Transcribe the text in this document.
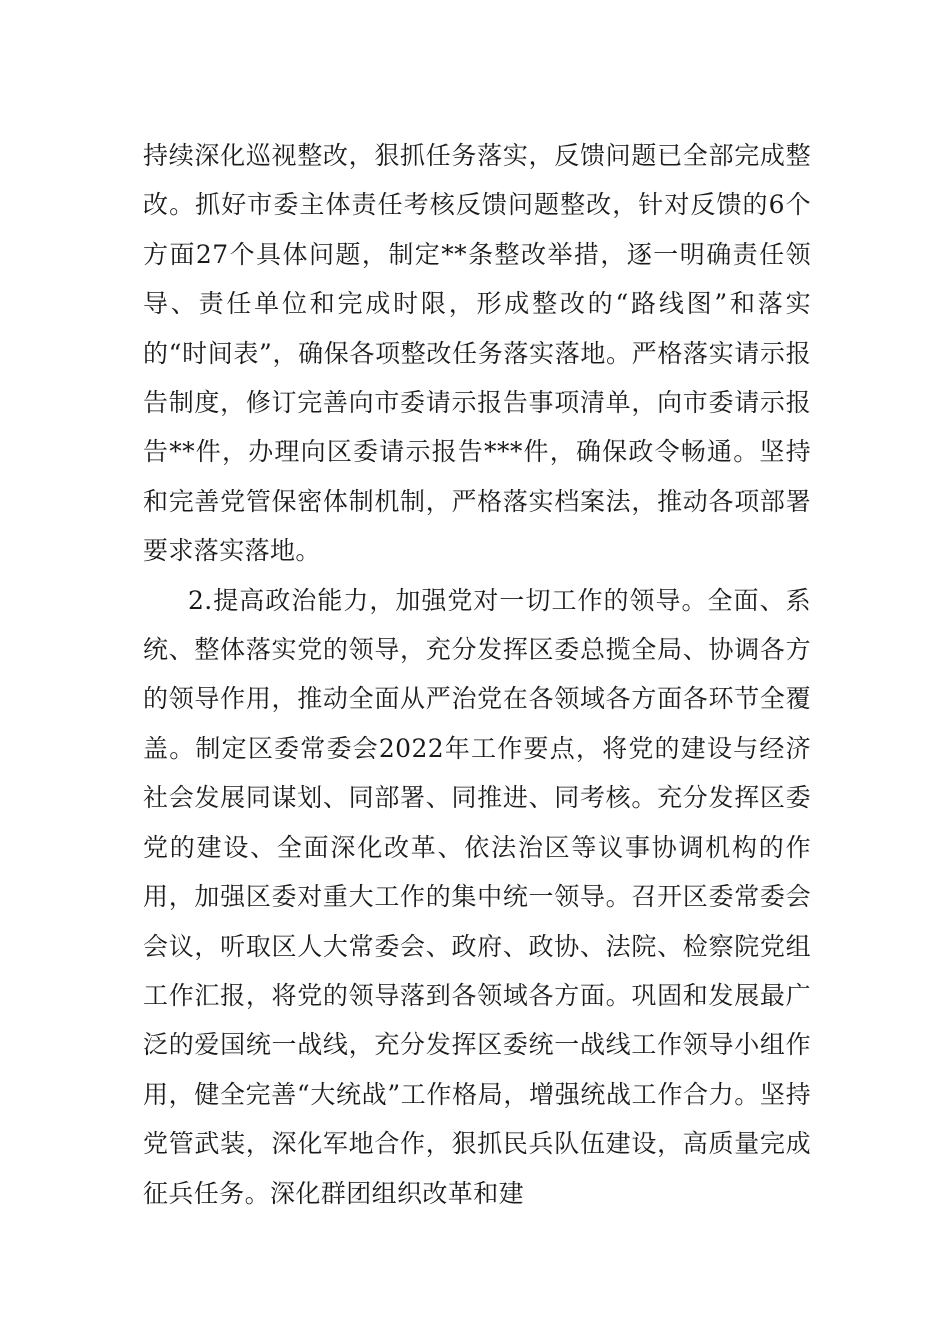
持续深化巡视整改，狠抓任务落实，反馈问题已全部完成整改。抓好市委主体责任考核反馈问题整改，针对反馈的6个方面27个具体问题，制定**条整改举措，逐一明确责任领导、责任单位和完成时限，形成整改的“路线图”和落实的“时间表”，确保各项整改任务落实落地。严格落实请示报告制度，修订完善向市委请示报告事项清单，向市委请示报告**件，办理向区委请示报告***件，确保政令畅通。坚持和完善党管保密体制机制，严格落实档案法，推动各项部署要求落实落地。

2.提高政治能力，加强党对一切工作的领导。全面、系统、整体落实党的领导，充分发挥区委总揽全局、协调各方的领导作用，推动全面从严治党在各领域各方面各环节全覆盖。制定区委常委会2022年工作要点，将党的建设与经济社会发展同谋划、同部署、同推进、同考核。充分发挥区委党的建设、全面深化改革、依法治区等议事协调机构的作用，加强区委对重大工作的集中统一领导。召开区委常委会会议，听取区人大常委会、政府、政协、法院、检察院党组工作汇报，将党的领导落到各领域各方面。巩固和发展最广泛的爱国统一战线，充分发挥区委统一战线工作领导小组作用，健全完善“大统战”工作格局，增强统战工作合力。坚持党管武装，深化军地合作，狠抓民兵队伍建设，高质量完成征兵任务。深化群团组织改革和建
